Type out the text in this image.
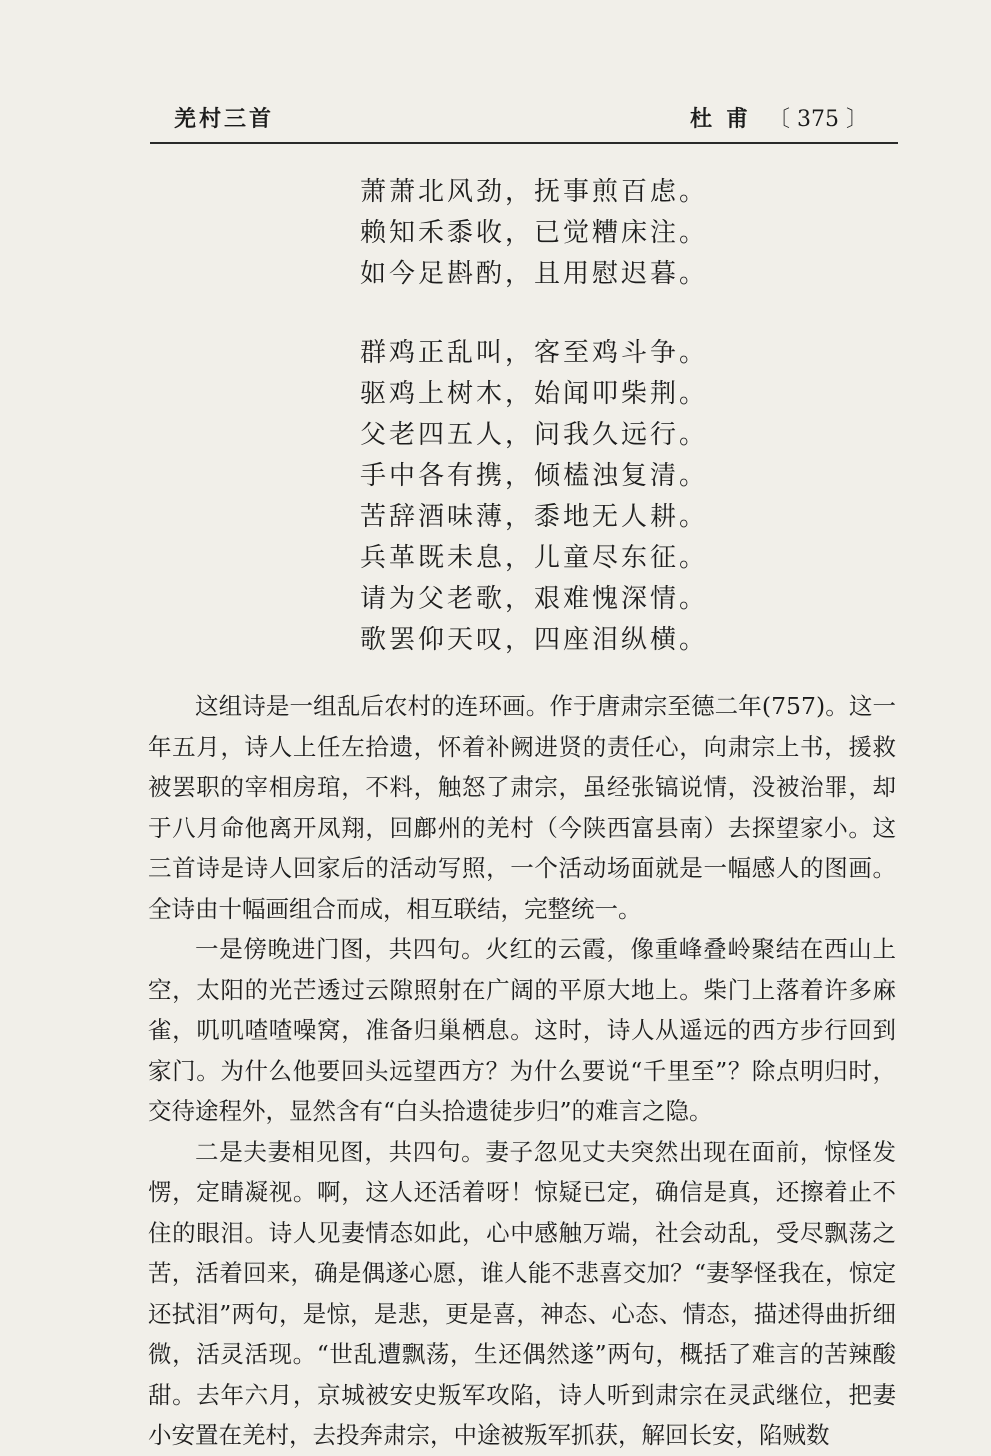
羌村三首	杜甫 〔 375 〕
萧萧北风劲，抚事煎百虑。
赖知禾黍收，已觉糟床注。
如今足斟酌，且用慰迟暮。
群鸡正乱叫，客至鸡斗争。
驱鸡上树木，始闻叩柴荆。
父老四五人，问我久远行。
手中各有携，倾榼浊复清。
苦辞酒味薄，黍地无人耕。
兵革既未息，儿童尽东征。
请为父老歌，艰难愧深情。
歌罢仰天叹，四座泪纵横。

这组诗是一组乱后农村的连环画。作于唐肃宗至德二年(757)。这一年五月，诗人上任左拾遗，怀着补阙进贤的责任心，向肃宗上书，援救被罢职的宰相房琯，不料，触怒了肃宗，虽经张镐说情，没被治罪，却于八月命他离开凤翔，回鄜州的羌村（今陕西富县南）去探望家小。这三首诗是诗人回家后的活动写照，一个活动场面就是一幅感人的图画。全诗由十幅画组合而成，相互联结，完整统一。

一是傍晚进门图，共四句。火红的云霞，像重峰叠岭聚结在西山上空，太阳的光芒透过云隙照射在广阔的平原大地上。柴门上落着许多麻雀，叽叽喳喳噪窝，准备归巢栖息。这时，诗人从遥远的西方步行回到家门。为什么他要回头远望西方？为什么要说“千里至”？除点明归时，交待途程外，显然含有“白头拾遗徒步归”的难言之隐。

二是夫妻相见图，共四句。妻子忽见丈夫突然出现在面前，惊怪发愣，定睛凝视。啊，这人还活着呀！惊疑已定，确信是真，还擦着止不住的眼泪。诗人见妻情态如此，心中感触万端，社会动乱，受尽飘荡之苦，活着回来，确是偶遂心愿，谁人能不悲喜交加？“妻孥怪我在，惊定还拭泪”两句，是惊，是悲，更是喜，神态、心态、情态，描述得曲折细微，活灵活现。“世乱遭飘荡，生还偶然遂”两句，概括了难言的苦辣酸甜。去年六月，京城被安史叛军攻陷，诗人听到肃宗在灵武继位，把妻小安置在羌村，去投奔肃宗，中途被叛军抓获，解回长安，陷贼数
